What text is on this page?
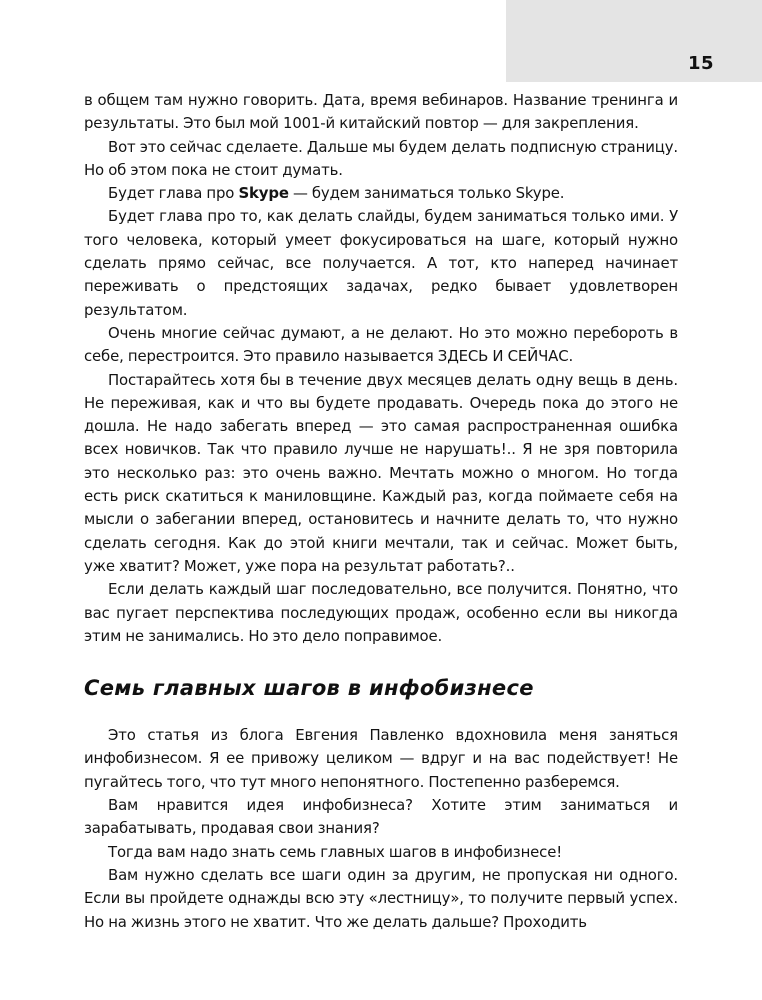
15

в общем там нужно говорить. Дата, время вебинаров. Название тренинга и результаты. Это был мой 1001-й китайский повтор — для закрепления.

Вот это сейчас сделаете. Дальше мы будем делать подписную страницу. Но об этом пока не стоит думать.

Будет глава про Skype — будем заниматься только Skype.

Будет глава про то, как делать слайды, будем заниматься только ими. У того человека, который умеет фокусироваться на шаге, который нужно сделать прямо сейчас, все получается. А тот, кто наперед начинает переживать о предстоящих задачах, редко бывает удовлетворен результатом.

Очень многие сейчас думают, а не делают. Но это можно перебороть в себе, перестроится. Это правило называется ЗДЕСЬ И СЕЙЧАС.

Постарайтесь хотя бы в течение двух месяцев делать одну вещь в день. Не переживая, как и что вы будете продавать. Очередь пока до этого не дошла. Не надо забегать вперед — это самая распространенная ошибка всех новичков. Так что правило лучше не нарушать!.. Я не зря повторила это несколько раз: это очень важно. Мечтать можно о многом. Но тогда есть риск скатиться к маниловщине. Каждый раз, когда поймаете себя на мысли о забегании вперед, остановитесь и начните делать то, что нужно сделать сегодня. Как до этой книги мечтали, так и сейчас. Может быть, уже хватит? Может, уже пора на результат работать?..

Если делать каждый шаг последовательно, все получится. Понятно, что вас пугает перспектива последующих продаж, особенно если вы никогда этим не занимались. Но это дело поправимое.

Семь главных шагов в инфобизнесе

Это статья из блога Евгения Павленко вдохновила меня заняться инфобизнесом. Я ее привожу целиком — вдруг и на вас подействует! Не пугайтесь того, что тут много непонятного. Постепенно разберемся.

Вам нравится идея инфобизнеса? Хотите этим заниматься и зарабатывать, продавая свои знания?

Тогда вам надо знать семь главных шагов в инфобизнесе!

Вам нужно сделать все шаги один за другим, не пропуская ни одного. Если вы пройдете однажды всю эту «лестницу», то получите первый успех. Но на жизнь этого не хватит. Что же делать дальше? Проходить
